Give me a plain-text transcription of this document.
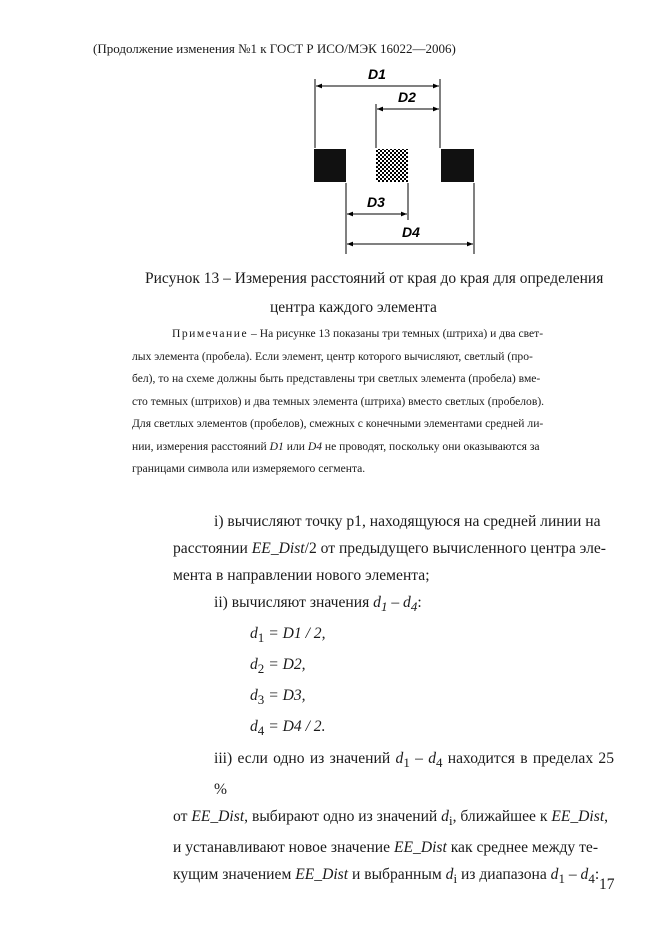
(Продолжение изменения №1 к ГОСТ Р ИСО/МЭК 16022—2006)
D1
D2
D3
D4
Рисунок 13 – Измерения расстояний от края до края для определения
центра каждого элемента

Примечание – На рисунке 13 показаны три темных (штриха) и два свет-

лых элемента (пробела). Если элемент, центр которого вычисляют, светлый (про-

бел), то на схеме должны быть представлены три светлых элемента (пробела) вме-

сто темных (штрихов) и два темных элемента (штриха) вместо светлых (пробелов).

Для светлых элементов (пробелов), смежных с конечными элементами средней ли-

нии, измерения расстояний D1 или D4 не проводят, поскольку они оказываются за

границами символа или измеряемого сегмента.

i) вычисляют точку p1, находящуюся на средней линии на

расстоянии EE_Dist/2 от предыдущего вычисленного центра эле-

мента в направлении нового элемента;

ii) вычисляют значения $d_1 - d_4$:

$d_1 = D1 / 2$,

$d_2 = D2$,

$d_3 = D3$,

$d_4 = D4 / 2$.

iii) если одно из значений $d_1 - d_4$ находится в пределах 25 %

от EE_Dist, выбирают одно из значений $d_i$, ближайшее к EE_Dist,

и устанавливают новое значение EE_Dist как среднее между те-

кущим значением EE_Dist и выбранным $d_i$ из диапазона $d_1 - d_4$:

17
